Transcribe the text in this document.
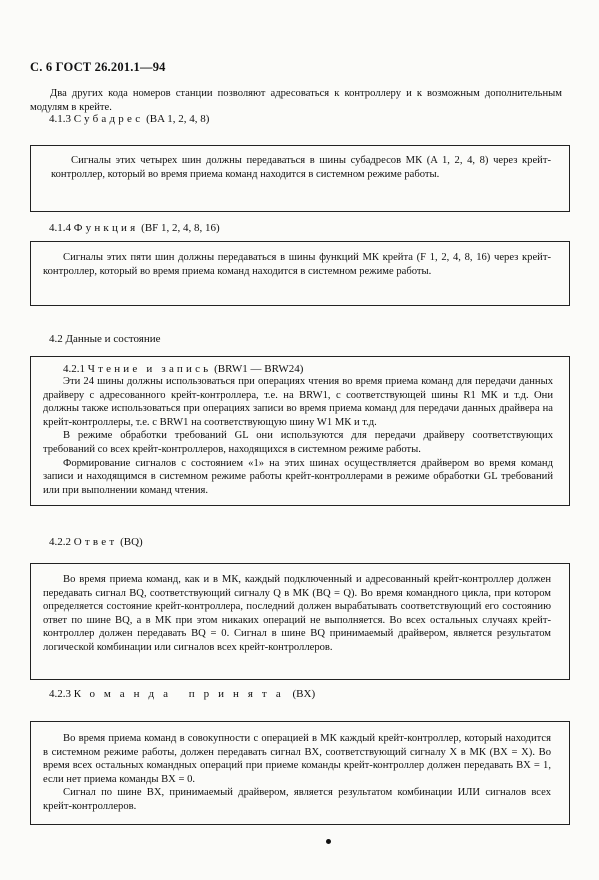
С. 6 ГОСТ 26.201.1—94

Два других кода номеров станции позволяют адресоваться к контроллеру и к возможным дополнительным модулям в крейте.

4.1.3 Субадрес (BA 1, 2, 4, 8)

Сигналы этих четырех шин должны передаваться в шины субадресов МК (A 1, 2, 4, 8) через крейт-контроллер, который во время приема команд находится в системном режиме работы.

4.1.4 Функция (BF 1, 2, 4, 8, 16)

Сигналы этих пяти шин должны передаваться в шины функций МК крейта (F 1, 2, 4, 8, 16) через крейт-контроллер, который во время приема команд находится в системном режиме работы.

4.2 Данные и состояние
4.2.1 Чтение и запись (BRW1 — BRW24)

Эти 24 шины должны использоваться при операциях чтения во время приема команд для передачи данных драйверу с адресованного крейт-контроллера, т.е. на BRW1, с соответствующей шины R1 МК и т.д. Они должны также использоваться при операциях записи во время приема команд для передачи данных драйвера на крейт-контроллеры, т.е. с BRW1 на соответствующую шину W1 МК и т.д.

В режиме обработки требований GL они используются для передачи драйверу соответствующих требований со всех крейт-контроллеров, находящихся в системном режиме работы.

Формирование сигналов с состоянием «1» на этих шинах осуществляется драйвером во время команд записи и находящимся в системном режиме работы крейт-контроллерами в режиме обработки GL требований или при выполнении команд чтения.

4.2.2 Ответ (BQ)

Во время приема команд, как и в МК, каждый подключенный и адресованный крейт-контроллер должен передавать сигнал BQ, соответствующий сигналу Q в МК (BQ = Q). Во время командного цикла, при котором определяется состояние крейт-контроллера, последний должен вырабатывать соответствующий его состоянию ответ по шине BQ, а в МК при этом никаких операций не выполняется. Во всех остальных случаях крейт-контроллер должен передавать BQ = 0. Сигнал в шине BQ принимаемый драйвером, является результатом логической комбинации или сигналов всех крейт-контроллеров.

4.2.3 Команда принята (BX)

Во время приема команд в совокупности с операцией в МК каждый крейт-контроллер, который находится в системном режиме работы, должен передавать сигнал BX, соответствующий сигналу X в МК (BX = X). Во время всех остальных командных операций при приеме команды крейт-контроллер должен передавать BX = 1, если нет приема команды BX = 0.

Сигнал по шине BX, принимаемый драйвером, является результатом комбинации ИЛИ сигналов всех крейт-контроллеров.
